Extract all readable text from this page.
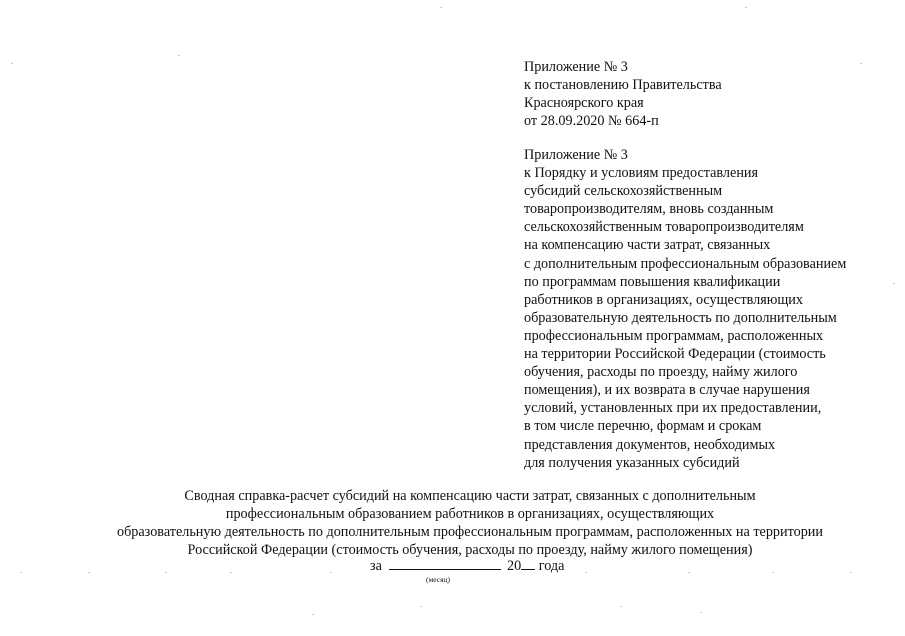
Приложение № 3
к постановлению Правительства
Красноярского края
от 28.09.2020 № 664-п
Приложение № 3
к Порядку и условиям предоставления
субсидий сельскохозяйственным
товаропроизводителям, вновь созданным
сельскохозяйственным товаропроизводителям
на компенсацию части затрат, связанных
с дополнительным профессиональным образованием
по программам повышения квалификации
работников в организациях, осуществляющих
образовательную деятельность по дополнительным
профессиональным программам, расположенных
на территории Российской Федерации (стоимость
обучения, расходы по проезду, найму жилого
помещения), и их возврата в случае нарушения
условий, установленных при их предоставлении,
в том числе перечню, формам и срокам
представления документов, необходимых
для получения указанных субсидий
Сводная справка-расчет субсидий на компенсацию части затрат, связанных с дополнительным
профессиональным образованием работников в организациях, осуществляющих
образовательную деятельность по дополнительным профессиональным программам, расположенных на территории
Российской Федерации (стоимость обучения, расходы по проезду, найму жилого помещения)
за	20 года
(месяц)
